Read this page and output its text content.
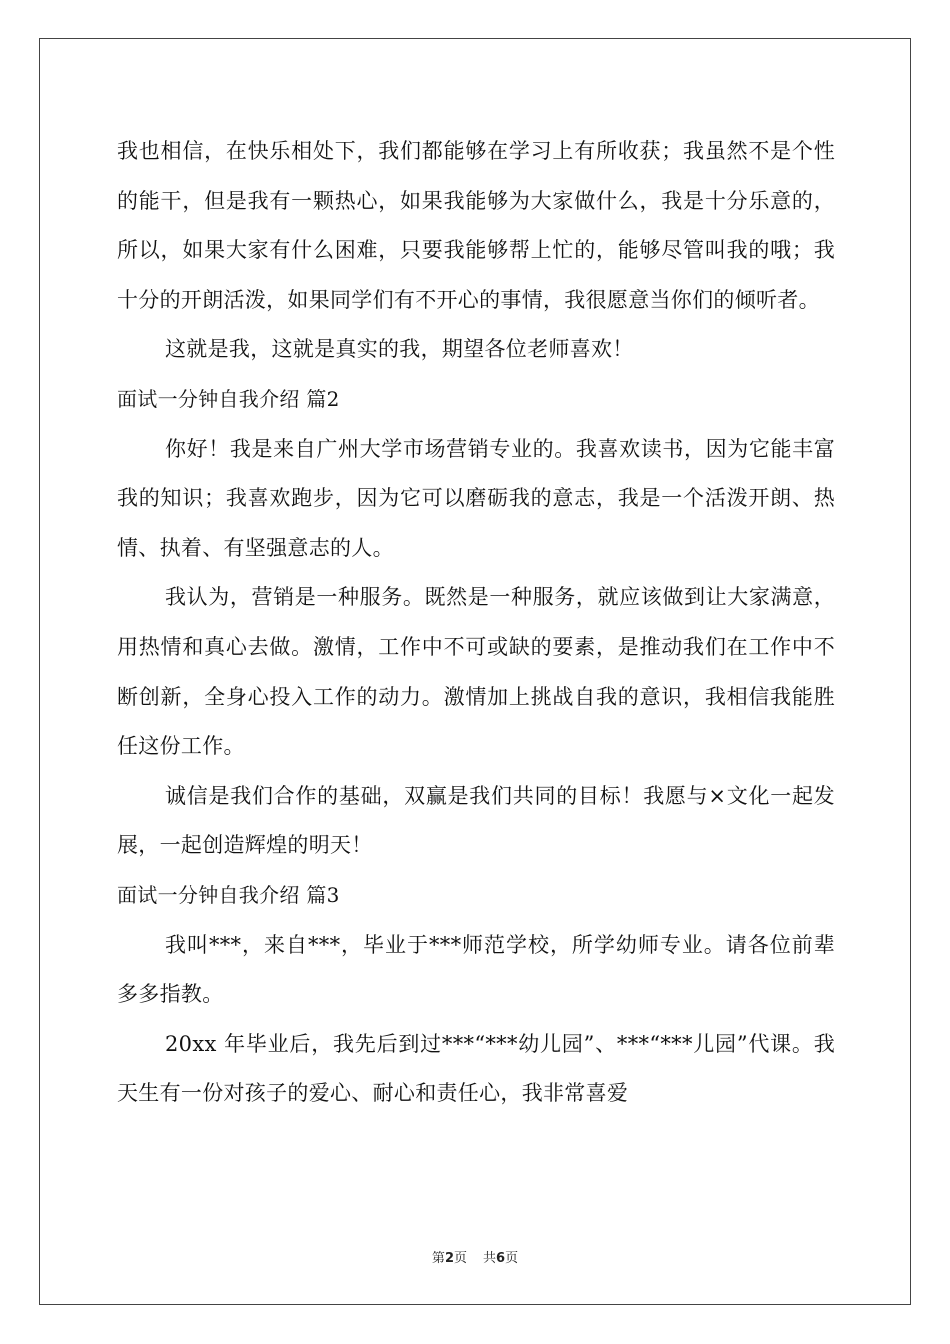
我也相信，在快乐相处下，我们都能够在学习上有所收获；我虽然不是个性的能干，但是我有一颗热心，如果我能够为大家做什么，我是十分乐意的，所以，如果大家有什么困难，只要我能够帮上忙的，能够尽管叫我的哦；我十分的开朗活泼，如果同学们有不开心的事情，我很愿意当你们的倾听者。

这就是我，这就是真实的我，期望各位老师喜欢！

面试一分钟自我介绍 篇2

你好！我是来自广州大学市场营销专业的。我喜欢读书，因为它能丰富我的知识；我喜欢跑步，因为它可以磨砺我的意志，我是一个活泼开朗、热情、执着、有坚强意志的人。

我认为，营销是一种服务。既然是一种服务，就应该做到让大家满意，用热情和真心去做。激情，工作中不可或缺的要素，是推动我们在工作中不断创新，全身心投入工作的动力。激情加上挑战自我的意识，我相信我能胜任这份工作。

诚信是我们合作的基础，双赢是我们共同的目标！我愿与×文化一起发展，一起创造辉煌的明天！

面试一分钟自我介绍 篇3

我叫***，来自***，毕业于***师范学校，所学幼师专业。请各位前辈多多指教。

20xx 年毕业后，我先后到过***“***幼儿园”、***“***儿园”代课。我天生有一份对孩子的爱心、耐心和责任心，我非常喜爱

第2页 共6页
